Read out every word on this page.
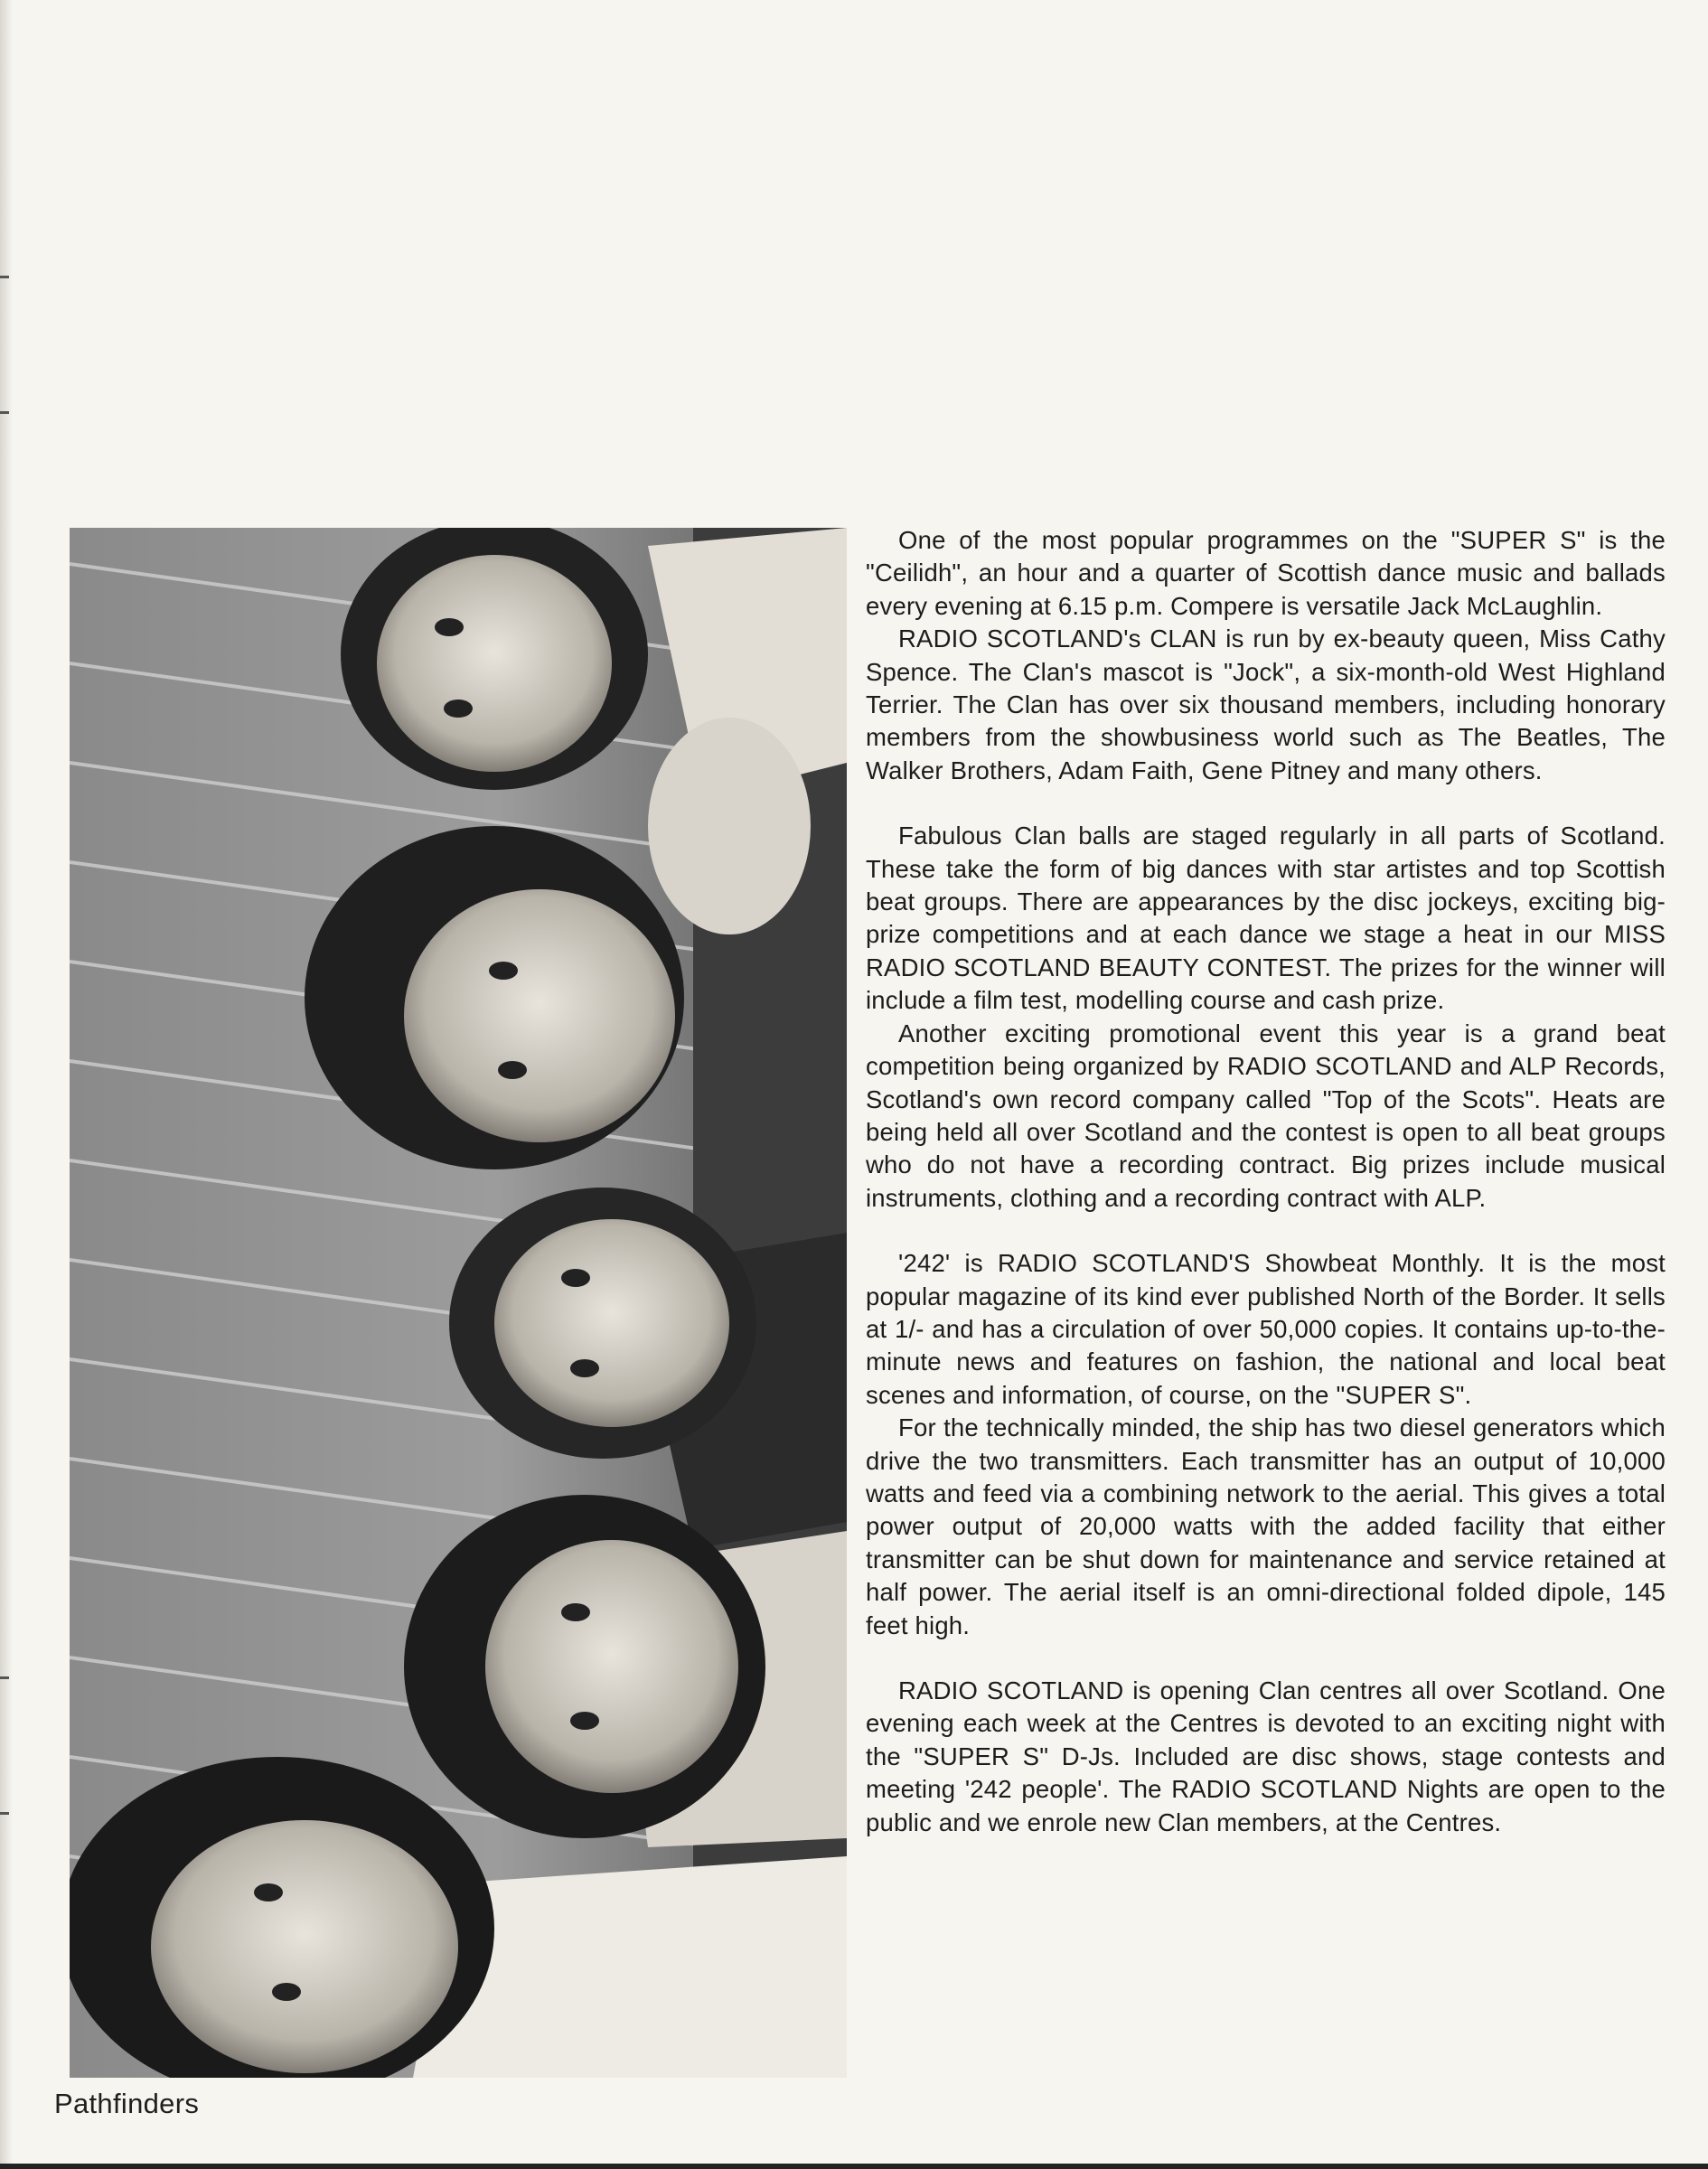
Pathfinders

One of the most popular programmes on the "SUPER S" is the "Ceilidh", an hour and a quarter of Scottish dance music and ballads every evening at 6.15 p.m. Compere is versatile Jack McLaughlin.

RADIO SCOTLAND's CLAN is run by ex-beauty queen, Miss Cathy Spence. The Clan's mascot is "Jock", a six-month-old West Highland Terrier. The Clan has over six thousand members, including honorary members from the showbusiness world such as The Beatles, The Walker Brothers, Adam Faith, Gene Pitney and many others.

Fabulous Clan balls are staged regularly in all parts of Scotland. These take the form of big dances with star artistes and top Scottish beat groups. There are appearances by the disc jockeys, exciting big-prize competitions and at each dance we stage a heat in our MISS RADIO SCOTLAND BEAUTY CONTEST. The prizes for the winner will include a film test, modelling course and cash prize.

Another exciting promotional event this year is a grand beat competition being organized by RADIO SCOTLAND and ALP Records, Scotland's own record company called "Top of the Scots". Heats are being held all over Scotland and the contest is open to all beat groups who do not have a recording contract. Big prizes include musical instruments, clothing and a recording contract with ALP.

'242' is RADIO SCOTLAND'S Showbeat Monthly. It is the most popular magazine of its kind ever published North of the Border. It sells at 1/- and has a circulation of over 50,000 copies. It contains up-to-the-minute news and features on fashion, the national and local beat scenes and information, of course, on the "SUPER S".

For the technically minded, the ship has two diesel generators which drive the two transmitters. Each transmitter has an output of 10,000 watts and feed via a combining network to the aerial. This gives a total power output of 20,000 watts with the added facility that either transmitter can be shut down for maintenance and service retained at half power. The aerial itself is an omni-directional folded dipole, 145 feet high.

RADIO SCOTLAND is opening Clan centres all over Scotland. One evening each week at the Centres is devoted to an exciting night with the "SUPER S" D-Js. Included are disc shows, stage contests and meeting '242 people'. The RADIO SCOTLAND Nights are open to the public and we enrole new Clan members, at the Centres.
